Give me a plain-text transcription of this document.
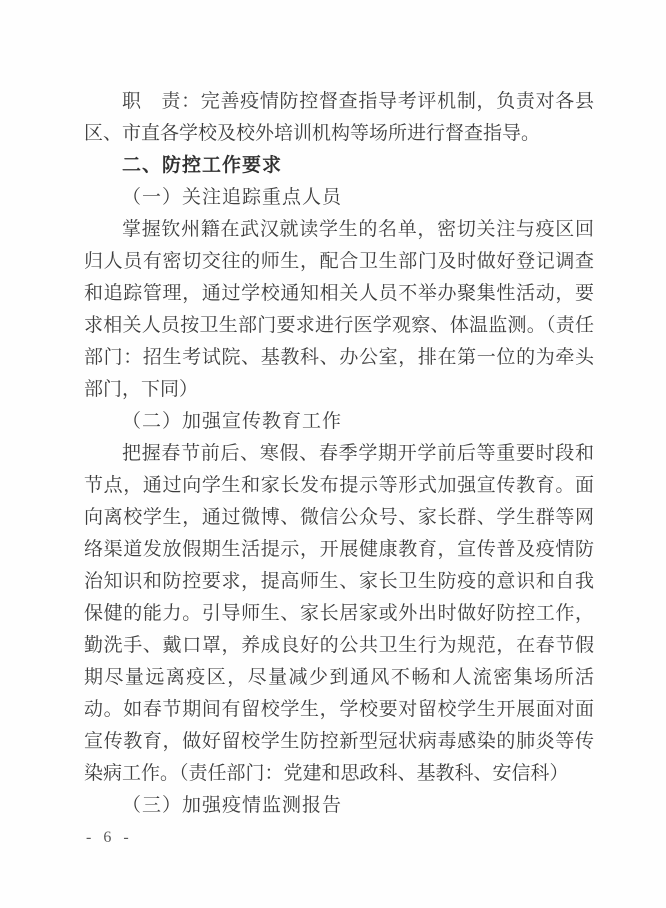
职　责：完善疫情防控督查指导考评机制，负责对各县区、市直各学校及校外培训机构等场所进行督查指导。

二、防控工作要求

（一）关注追踪重点人员

掌握钦州籍在武汉就读学生的名单，密切关注与疫区回归人员有密切交往的师生，配合卫生部门及时做好登记调查和追踪管理，通过学校通知相关人员不举办聚集性活动，要求相关人员按卫生部门要求进行医学观察、体温监测。（责任部门：招生考试院、基教科、办公室，排在第一位的为牵头部门，下同）

（二）加强宣传教育工作

把握春节前后、寒假、春季学期开学前后等重要时段和节点，通过向学生和家长发布提示等形式加强宣传教育。面向离校学生，通过微博、微信公众号、家长群、学生群等网络渠道发放假期生活提示，开展健康教育，宣传普及疫情防治知识和防控要求，提高师生、家长卫生防疫的意识和自我保健的能力。引导师生、家长居家或外出时做好防控工作，勤洗手、戴口罩，养成良好的公共卫生行为规范，在春节假期尽量远离疫区，尽量减少到通风不畅和人流密集场所活动。如春节期间有留校学生，学校要对留校学生开展面对面宣传教育，做好留校学生防控新型冠状病毒感染的肺炎等传染病工作。（责任部门：党建和思政科、基教科、安信科）

（三）加强疫情监测报告

- 6 -
